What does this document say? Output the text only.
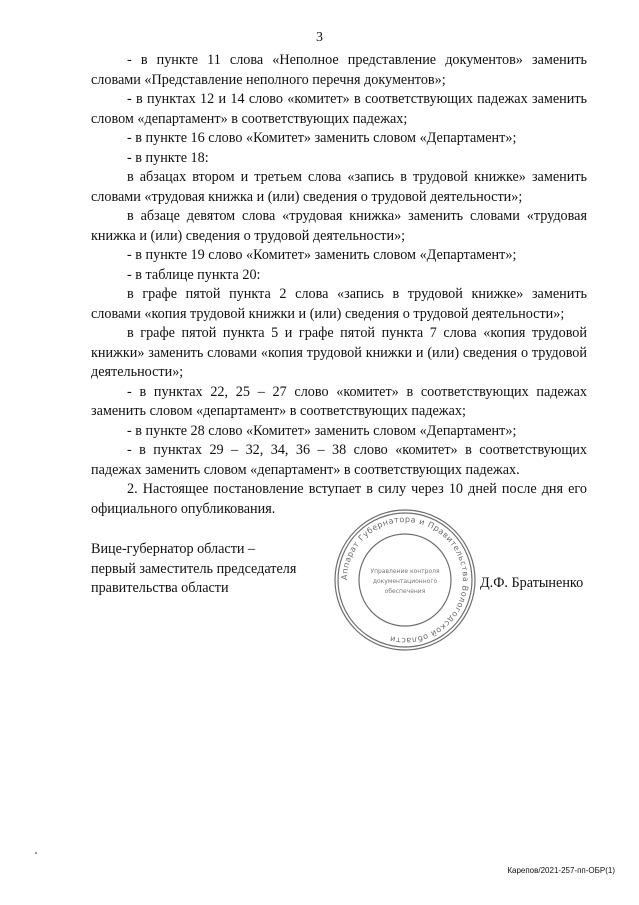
3

- в пункте 11 слова «Неполное представление документов» заменить словами «Представление неполного перечня документов»;

- в пунктах 12 и 14 слово «комитет» в соответствующих падежах заменить словом «департамент» в соответствующих падежах;

- в пункте 16 слово «Комитет» заменить словом «Департамент»;

- в пункте 18:

в абзацах втором и третьем слова «запись в трудовой книжке» заменить словами «трудовая книжка и (или) сведения о трудовой деятельности»;

в абзаце девятом слова «трудовая книжка» заменить словами «трудовая книжка и (или) сведения о трудовой деятельности»;

- в пункте 19 слово «Комитет» заменить словом «Департамент»;

- в таблице пункта 20:

в графе пятой пункта 2 слова «запись в трудовой книжке» заменить словами «копия трудовой книжки и (или) сведения о трудовой деятельности»;

в графе пятой пункта 5 и графе пятой пункта 7 слова «копия трудовой книжки» заменить словами «копия трудовой книжки и (или) сведения о трудовой деятельности»;

- в пунктах 22, 25 – 27 слово «комитет» в соответствующих падежах заменить словом «департамент» в соответствующих падежах;

- в пункте 28 слово «Комитет» заменить словом «Департамент»;

- в пунктах 29 – 32, 34, 36 – 38 слово «комитет» в соответствующих падежах заменить словом «департамент» в соответствующих падежах.

2. Настоящее постановление вступает в силу через 10 дней после дня его официального опубликования.

Вице-губернатор области –
первый заместитель председателя
правительства области
Аппарат Губернатора и Правительства Вологодской области
Управление контроля
документационного
обеспечения
Д.Ф. Братыненко
Карепов/2021-257-пп-ОБР(1)
